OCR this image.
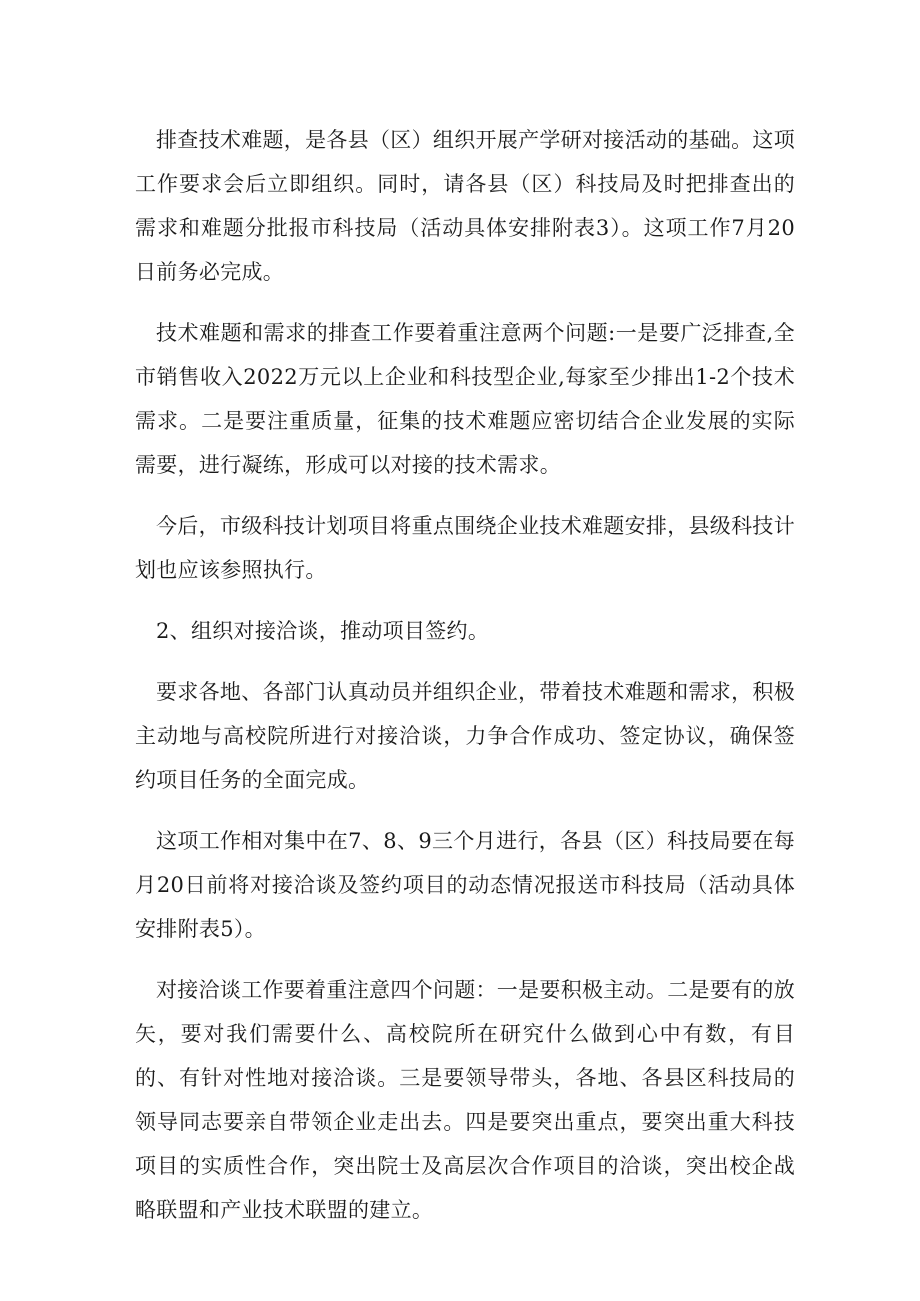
排查技术难题，是各县（区）组织开展产学研对接活动的基础。这项工作要求会后立即组织。同时，请各县（区）科技局及时把排查出的需求和难题分批报市科技局（活动具体安排附表3）。这项工作7月20日前务必完成。

技术难题和需求的排查工作要着重注意两个问题:一是要广泛排查,全市销售收入2022万元以上企业和科技型企业,每家至少排出1-2个技术需求。二是要注重质量，征集的技术难题应密切结合企业发展的实际需要，进行凝练，形成可以对接的技术需求。

今后，市级科技计划项目将重点围绕企业技术难题安排，县级科技计划也应该参照执行。

2、组织对接洽谈，推动项目签约。

要求各地、各部门认真动员并组织企业，带着技术难题和需求，积极主动地与高校院所进行对接洽谈，力争合作成功、签定协议，确保签约项目任务的全面完成。

这项工作相对集中在7、8、9三个月进行，各县（区）科技局要在每月20日前将对接洽谈及签约项目的动态情况报送市科技局（活动具体安排附表5）。

对接洽谈工作要着重注意四个问题：一是要积极主动。二是要有的放矢，要对我们需要什么、高校院所在研究什么做到心中有数，有目的、有针对性地对接洽谈。三是要领导带头，各地、各县区科技局的领导同志要亲自带领企业走出去。四是要突出重点，要突出重大科技项目的实质性合作，突出院士及高层次合作项目的洽谈，突出校企战略联盟和产业技术联盟的建立。
